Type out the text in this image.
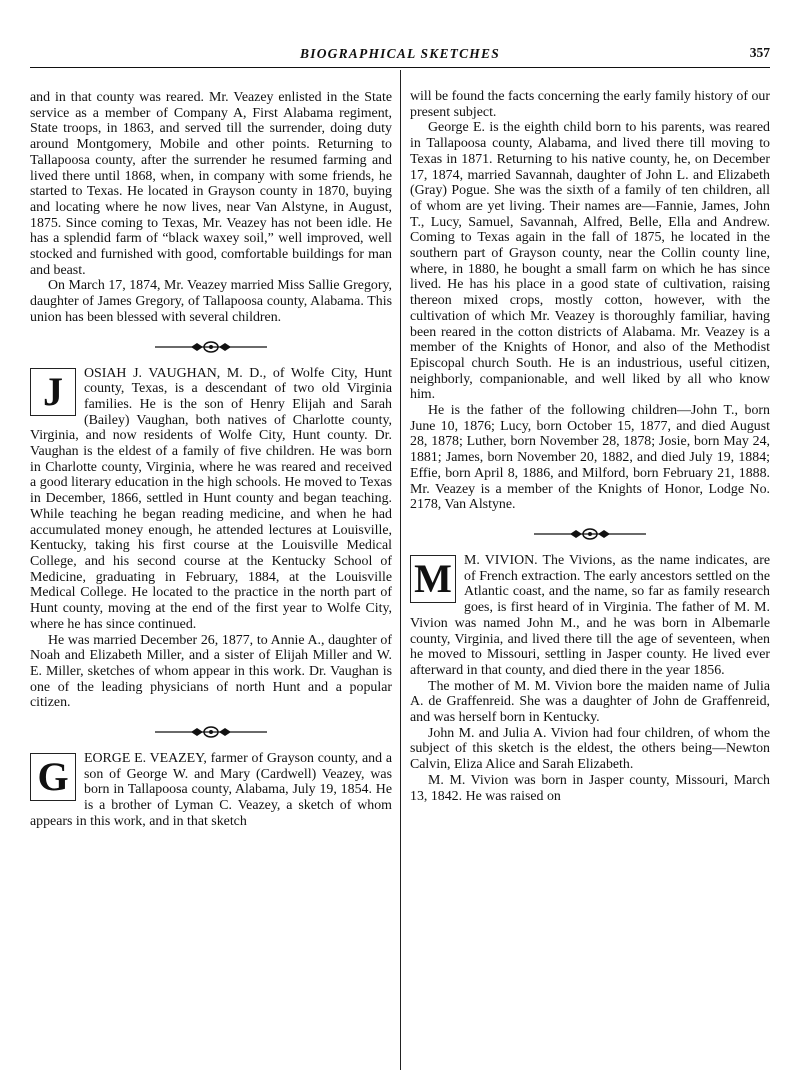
BIOGRAPHICAL SKETCHES	357

and in that county was reared. Mr. Veazey enlisted in the State service as a member of Company A, First Alabama regiment, State troops, in 1863, and served till the surrender, doing duty around Montgomery, Mobile and other points. Returning to Tallapoosa county, after the surrender he resumed farming and lived there until 1868, when, in company with some friends, he started to Texas. He located in Grayson county in 1870, buying and locating where he now lives, near Van Alstyne, in August, 1875. Since coming to Texas, Mr. Veazey has not been idle. He has a splendid farm of “black waxey soil,” well improved, well stocked and furnished with good, comfortable buildings for man and beast.

On March 17, 1874, Mr. Veazey married Miss Sallie Gregory, daughter of James Gregory, of Tallapoosa county, Alabama. This union has been blessed with several children.

J	OSIAH J. VAUGHAN, M. D., of Wolfe City, Hunt county, Texas, is a descendant of two old Virginia families. He is the son of Henry Elijah and Sarah (Bailey) Vaughan, both natives of Charlotte county, Virginia, and now residents of Wolfe City, Hunt county. Dr. Vaughan is the eldest of a family of five children. He was born in Charlotte county, Virginia, where he was reared and received a good literary education in the high schools. He moved to Texas in December, 1866, settled in Hunt county and began teaching. While teaching he began reading medicine, and when he had accumulated money enough, he attended lectures at Louisville, Kentucky, taking his first course at the Louisville Medical College, and his second course at the Kentucky School of Medicine, graduating in February, 1884, at the Louisville Medical College. He located to the practice in the north part of Hunt county, moving at the end of the first year to Wolfe City, where he has since continued.

He was married December 26, 1877, to Annie A., daughter of Noah and Elizabeth Miller, and a sister of Elijah Miller and W. E. Miller, sketches of whom appear in this work. Dr. Vaughan is one of the leading physicians of north Hunt and a popular citizen.

G	EORGE E. VEAZEY, farmer of Grayson county, and a son of George W. and Mary (Cardwell) Veazey, was born in Tallapoosa county, Alabama, July 19, 1854. He is a brother of Lyman C. Veazey, a sketch of whom appears in this work, and in that sketch

will be found the facts concerning the early family history of our present subject.

George E. is the eighth child born to his parents, was reared in Tallapoosa county, Alabama, and lived there till moving to Texas in 1871. Returning to his native county, he, on December 17, 1874, married Savannah, daughter of John L. and Elizabeth (Gray) Pogue. She was the sixth of a family of ten children, all of whom are yet living. Their names are—Fannie, James, John T., Lucy, Samuel, Savannah, Alfred, Belle, Ella and Andrew. Coming to Texas again in the fall of 1875, he located in the southern part of Grayson county, near the Collin county line, where, in 1880, he bought a small farm on which he has since lived. He has his place in a good state of cultivation, raising thereon mixed crops, mostly cotton, however, with the cultivation of which Mr. Veazey is thoroughly familiar, having been reared in the cotton districts of Alabama. Mr. Veazey is a member of the Knights of Honor, and also of the Methodist Episcopal church South. He is an industrious, useful citizen, neighborly, companionable, and well liked by all who know him.

He is the father of the following children—John T., born June 10, 1876; Lucy, born October 15, 1877, and died August 28, 1878; Luther, born November 28, 1878; Josie, born May 24, 1881; James, born November 20, 1882, and died July 19, 1884; Effie, born April 8, 1886, and Milford, born February 21, 1888. Mr. Veazey is a member of the Knights of Honor, Lodge No. 2178, Van Alstyne.

M M. VIVION. The Vivions, as the name indicates, are of French extraction. The early ancestors settled on the Atlantic coast, and the name, so far as family research goes, is first heard of in Virginia. The father of M. M. Vivion was named John M., and he was born in Albemarle county, Virginia, and lived there till the age of seventeen, when he moved to Missouri, settling in Jasper county. He lived ever afterward in that county, and died there in the year 1856.

The mother of M. M. Vivion bore the maiden name of Julia A. de Graffenreid. She was a daughter of John de Graffenreid, and was herself born in Kentucky.

John M. and Julia A. Vivion had four children, of whom the subject of this sketch is the eldest, the others being—Newton Calvin, Eliza Alice and Sarah Elizabeth.

M. M. Vivion was born in Jasper county, Missouri, March 13, 1842. He was raised on
